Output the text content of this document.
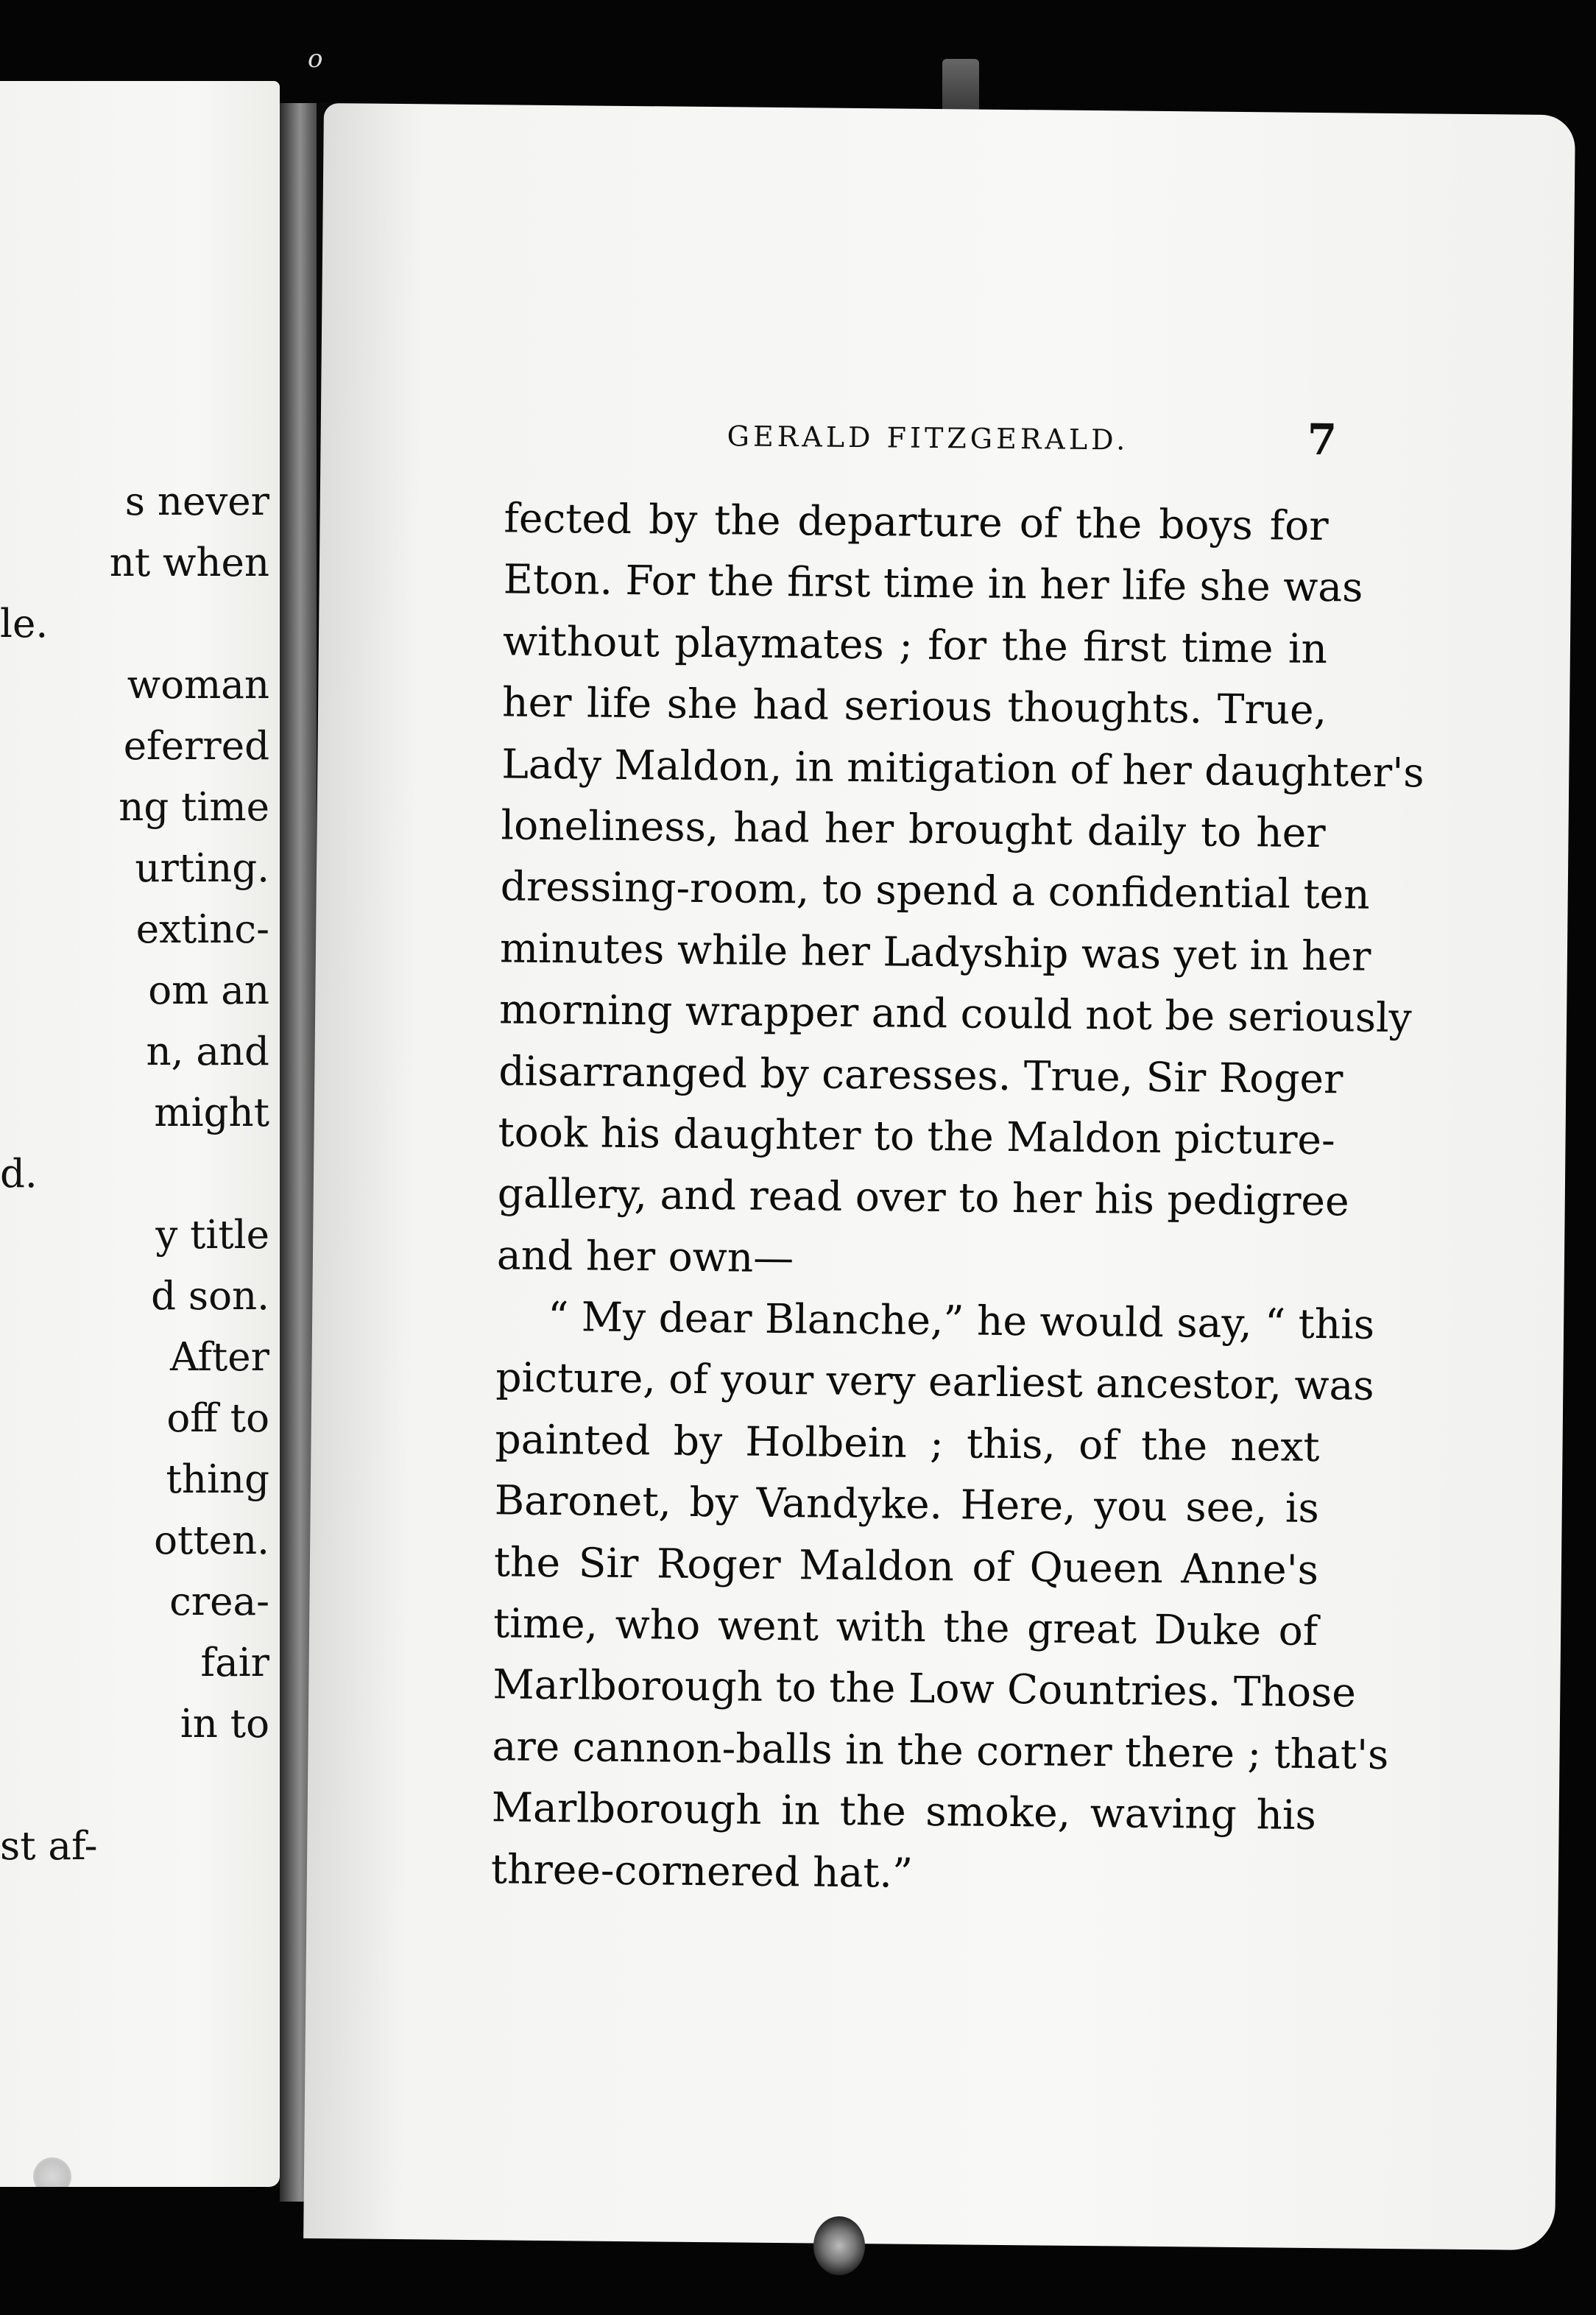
o
s never
nt when
le.
woman
eferred
ng time
urting.
extinc-
om an
n, and
might
d.
y title
d son.
After
off to
thing
otten.
crea-
fair
in to
st af-
GERALD FITZGERALD.	7
fected by the departure of the boys for
Eton. For the first time in her life she was
without playmates ; for the first time in
her life she had serious thoughts. True,
Lady Maldon, in mitigation of her daughter's
loneliness, had her brought daily to her
dressing-room, to spend a confidential ten
minutes while her Ladyship was yet in her
morning wrapper and could not be seriously
disarranged by caresses. True, Sir Roger
took his daughter to the Maldon picture-
gallery, and read over to her his pedigree
and her own—
“ My dear Blanche,” he would say, “ this
picture, of your very earliest ancestor, was
painted by Holbein ; this, of the next
Baronet, by Vandyke. Here, you see, is
the Sir Roger Maldon of Queen Anne's
time, who went with the great Duke of
Marlborough to the Low Countries. Those
are cannon-balls in the corner there ; that's
Marlborough in the smoke, waving his
three-cornered hat.”
